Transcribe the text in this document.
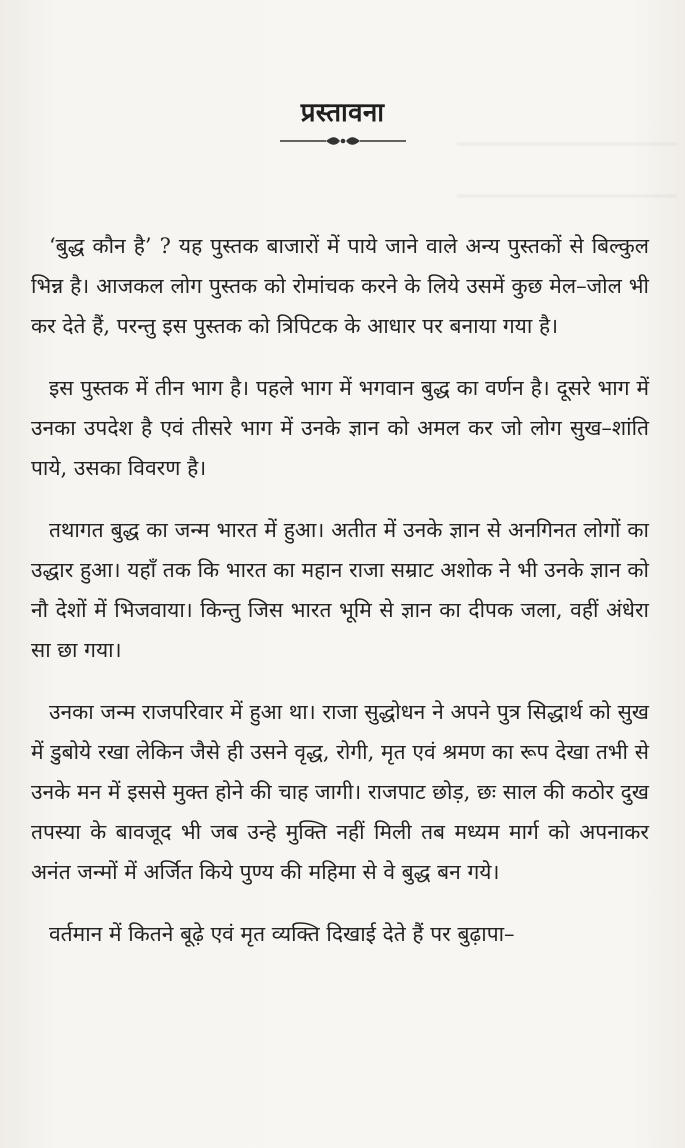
प्रस्तावना

‘बुद्ध कौन है’ ? यह पुस्तक बाजारों में पाये जाने वाले अन्य पुस्तकों से बिल्कुल भिन्न है। आजकल लोग पुस्तक को रोमांचक करने के लिये उसमें कुछ मेल–जोल भी कर देते हैं, परन्तु इस पुस्तक को त्रिपिटक के आधार पर बनाया गया है।

इस पुस्तक में तीन भाग है। पहले भाग में भगवान बुद्ध का वर्णन है। दूसरे भाग में उनका उपदेश है एवं तीसरे भाग में उनके ज्ञान को अमल कर जो लोग सुख–शांति पाये, उसका विवरण है।

तथागत बुद्ध का जन्म भारत में हुआ। अतीत में उनके ज्ञान से अनगिनत लोगों का उद्धार हुआ। यहाँ तक कि भारत का महान राजा सम्राट अशोक ने भी उनके ज्ञान को नौ देशों में भिजवाया। किन्तु जिस भारत भूमि से ज्ञान का दीपक जला, वहीं अंधेरा सा छा गया।

उनका जन्म राजपरिवार में हुआ था। राजा सुद्धोधन ने अपने पुत्र सिद्धार्थ को सुख में डुबोये रखा लेकिन जैसे ही उसने वृद्ध, रोगी, मृत एवं श्रमण का रूप देखा तभी से उनके मन में इससे मुक्त होने की चाह जागी। राजपाट छोड़, छः साल की कठोर दुख तपस्या के बावजूद भी जब उन्हे मुक्ति नहीं मिली तब मध्यम मार्ग को अपनाकर अनंत जन्मों में अर्जित किये पुण्य की महिमा से वे बुद्ध बन गये।

वर्तमान में कितने बूढ़े एवं मृत व्यक्ति दिखाई देते हैं पर बुढ़ापा–
